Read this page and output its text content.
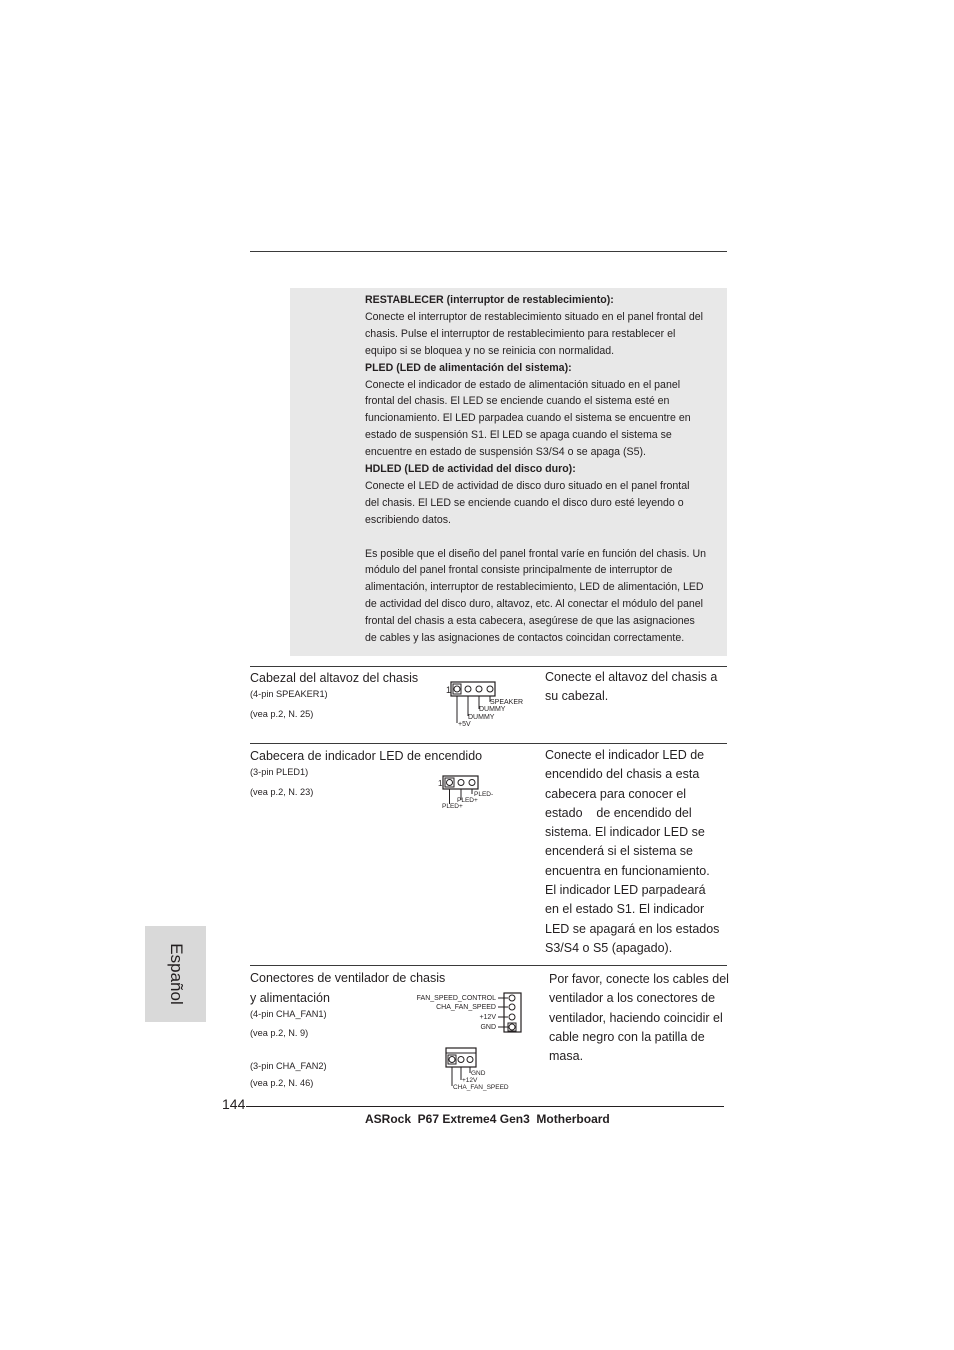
RESTABLECER (interruptor de restablecimiento):

Conecte el interruptor de restablecimiento situado en el panel frontal del

chasis. Pulse el interruptor de restablecimiento para restablecer el

equipo si se bloquea y no se reinicia con normalidad.

PLED (LED de alimentación del sistema):

Conecte el indicador de estado de alimentación situado en el panel

frontal del chasis. El LED se enciende cuando el sistema esté en

funcionamiento. El LED parpadea cuando el sistema se encuentre en

estado de suspensión S1. El LED se apaga cuando el sistema se

encuentre en estado de suspensión S3/S4 o se apaga (S5).

HDLED (LED de actividad del disco duro):

Conecte el LED de actividad de disco duro situado en el panel frontal

del chasis. El LED se enciende cuando el disco duro esté leyendo o

escribiendo datos.

Es posible que el diseño del panel frontal varíe en función del chasis. Un

módulo del panel frontal consiste principalmente de interruptor de

alimentación, interruptor de restablecimiento, LED de alimentación, LED

de actividad del disco duro, altavoz, etc. Al conectar el módulo del panel

frontal del chasis a esta cabecera, asegúrese de que las asignaciones

de cables y las asignaciones de contactos coincidan correctamente.

Cabezal del altavoz del chasis
(4-pin SPEAKER1)
(vea p.2, N. 25)
1
SPEAKER
DUMMY
DUMMY
+5V
Conecte el altavoz del chasis a
su cabezal.
Cabecera de indicador LED de encendido
(3-pin PLED1)
(vea p.2, N. 23)
1
PLED-
PLED+
PLED+
Conecte el indicador LED de
encendido del chasis a esta
cabecera para conocer el
estado    de encendido del
sistema. El indicador LED se
encenderá si el sistema se
encuentra en funcionamiento.
El indicador LED parpadeará
en el estado S1. El indicador
LED se apagará en los estados
S3/S4 o S5 (apagado).
Español	Conectores de ventilador de chasis
y alimentación
(4-pin CHA_FAN1)
(vea p.2, N. 9)
(3-pin CHA_FAN2)
(vea p.2, N. 46)
FAN_SPEED_CONTROL
CHA_FAN_SPEED
+12V
GND
GND
+12V
CHA_FAN_SPEED
Por favor, conecte los cables del
ventilador a los conectores de
ventilador, haciendo coincidir el
cable negro con la patilla de
masa.
144
ASRock  P67 Extreme4 Gen3  Motherboard
